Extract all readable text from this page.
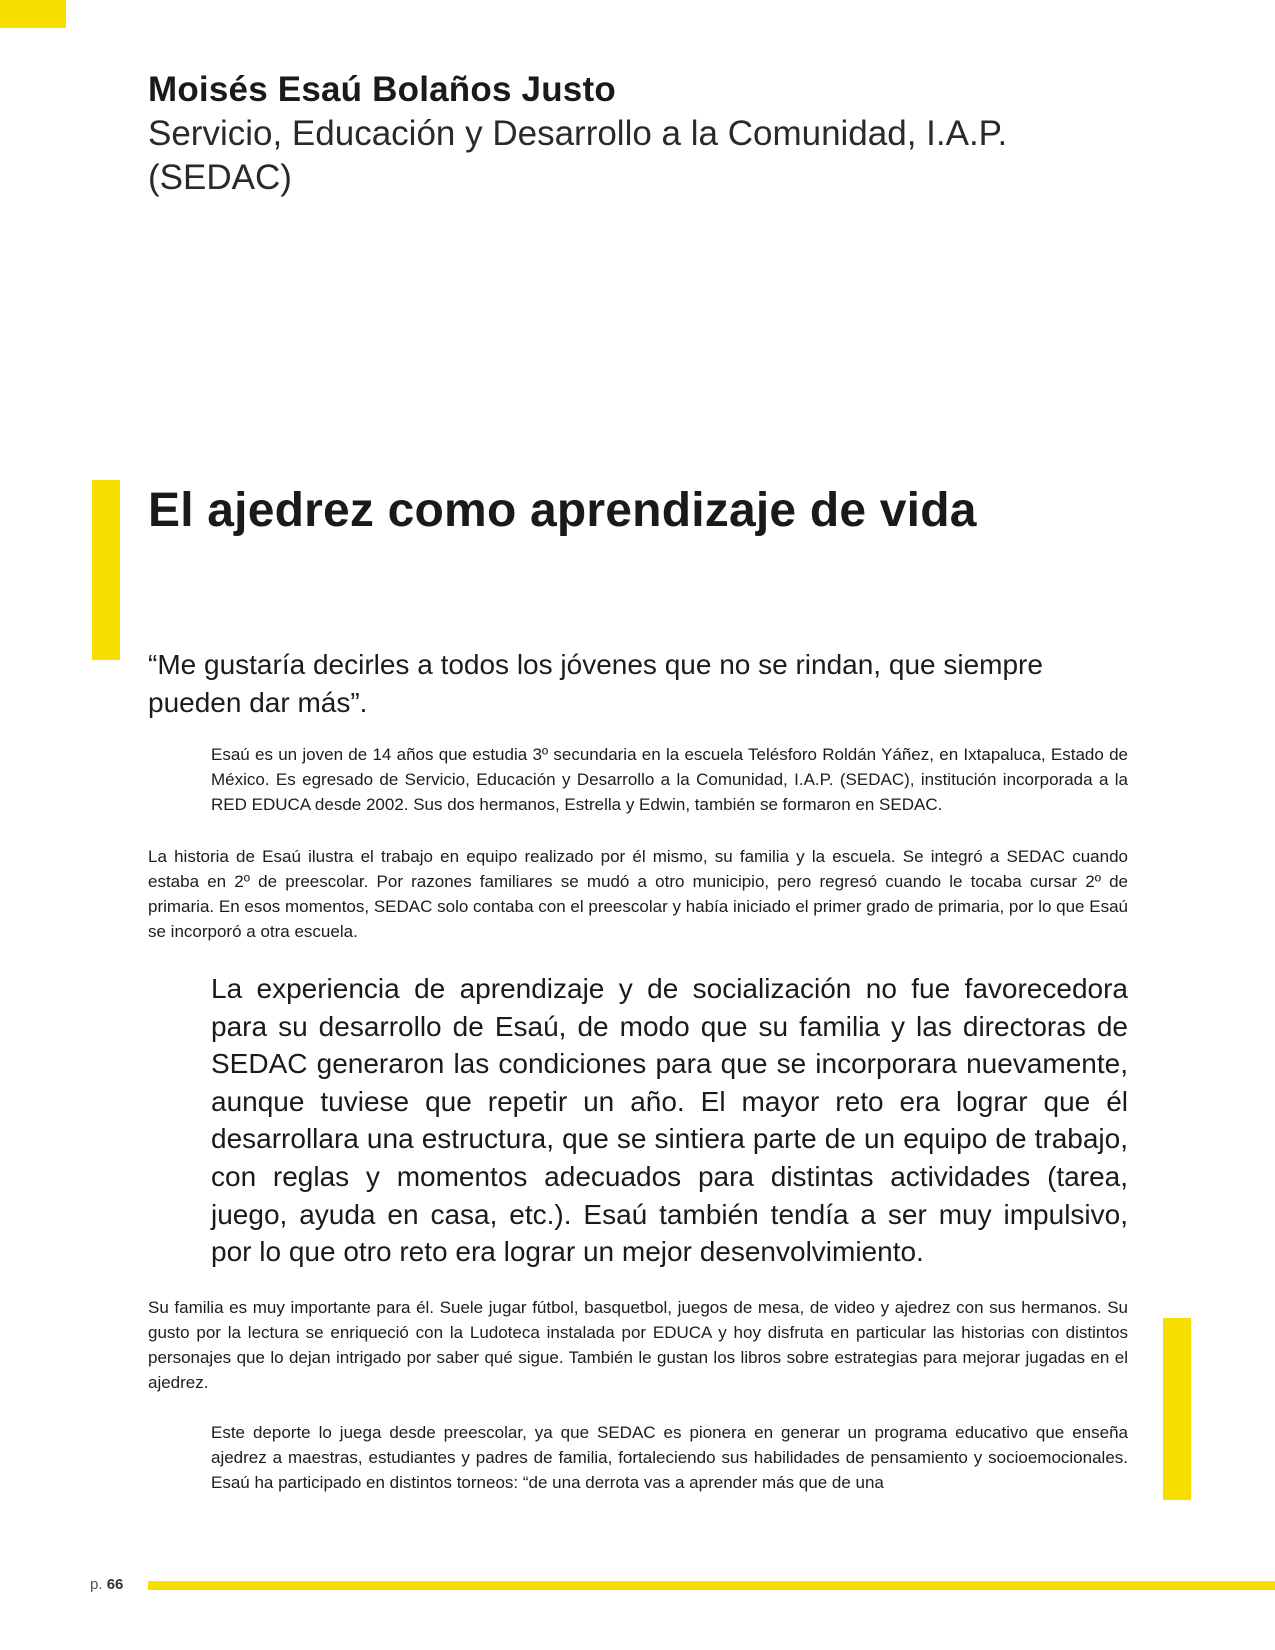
Moisés Esaú Bolaños Justo

Servicio, Educación y Desarrollo a la Comunidad, I.A.P. (SEDAC)

El ajedrez como aprendizaje de vida

“Me gustaría decirles a todos los jóvenes que no se rindan, que siempre pueden dar más”.

Esaú es un joven de 14 años que estudia 3º secundaria en la escuela Telésforo Roldán Yáñez, en Ixtapaluca, Estado de México. Es egresado de Servicio, Educación y Desarrollo a la Comunidad, I.A.P. (SEDAC), institución incorporada a la RED EDUCA desde 2002. Sus dos hermanos, Estrella y Edwin, también se formaron en SEDAC.

La historia de Esaú ilustra el trabajo en equipo realizado por él mismo, su familia y la escuela. Se integró a SEDAC cuando estaba en 2º de preescolar. Por razones familiares se mudó a otro municipio, pero regresó cuando le tocaba cursar 2º de primaria. En esos momentos, SEDAC solo contaba con el preescolar y había iniciado el primer grado de primaria, por lo que Esaú se incorporó a otra escuela.

La experiencia de aprendizaje y de socialización no fue favorecedora para su desarrollo de Esaú, de modo que su familia y las directoras de SEDAC generaron las condiciones para que se incorporara nuevamente, aunque tuviese que repetir un año. El mayor reto era lograr que él desarrollara una estructura, que se sintiera parte de un equipo de trabajo, con reglas y momentos adecuados para distintas actividades (tarea, juego, ayuda en casa, etc.). Esaú también tendía a ser muy impulsivo, por lo que otro reto era lograr un mejor desenvolvimiento.

Su familia es muy importante para él. Suele jugar fútbol, basquetbol, juegos de mesa, de video y ajedrez con sus hermanos. Su gusto por la lectura se enriqueció con la Ludoteca instalada por EDUCA y hoy disfruta en particular las historias con distintos personajes que lo dejan intrigado por saber qué sigue. También le gustan los libros sobre estrategias para mejorar jugadas en el ajedrez.

Este deporte lo juega desde preescolar, ya que SEDAC es pionera en generar un programa educativo que enseña ajedrez a maestras, estudiantes y padres de familia, fortaleciendo sus habilidades de pensamiento y socioemocionales. Esaú ha participado en distintos torneos: “de una derrota vas a aprender más que de una

p. 66
